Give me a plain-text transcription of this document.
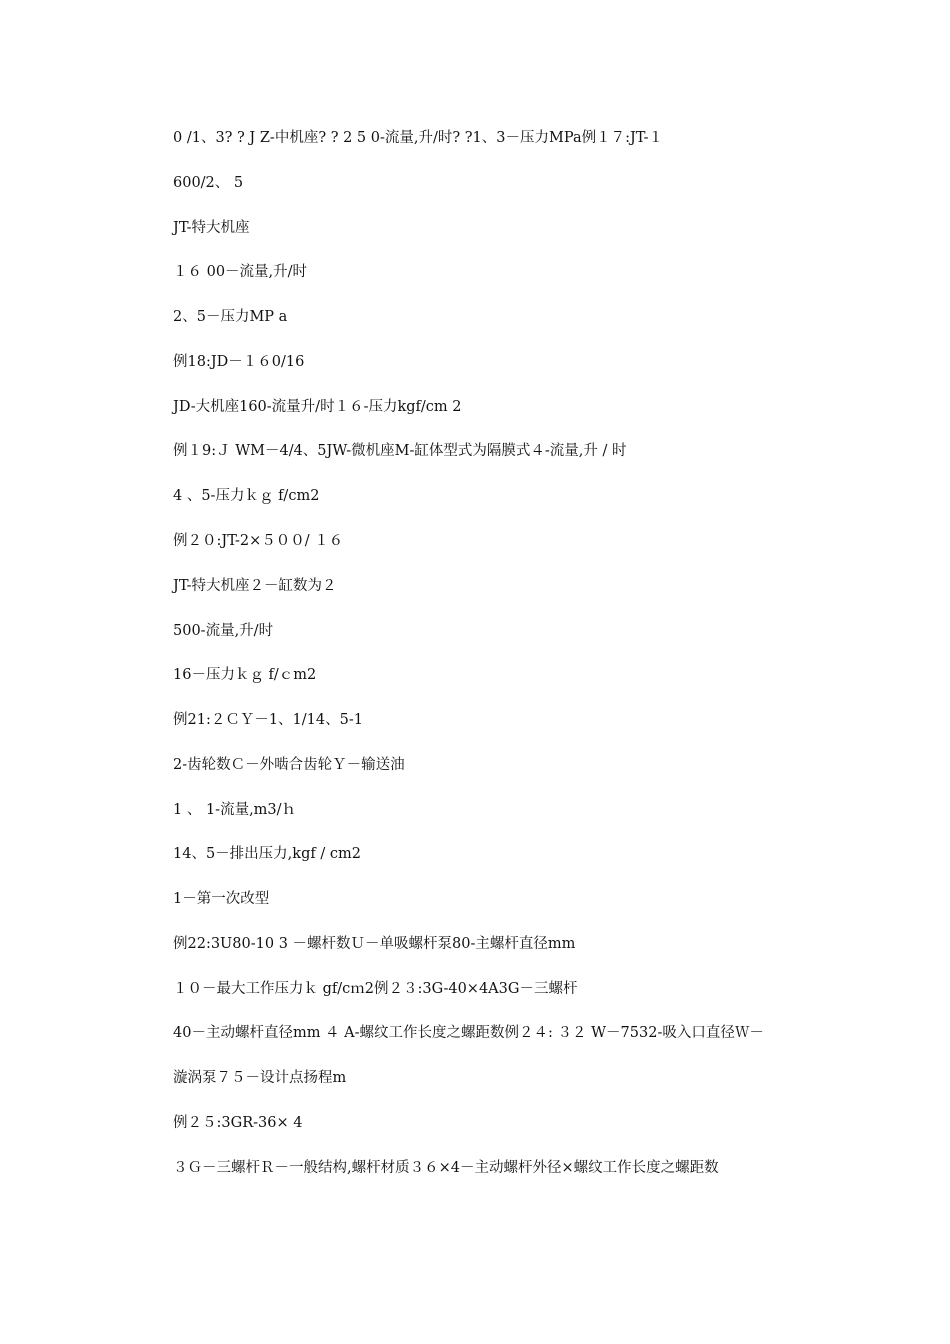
0 /1、3? ? J Z-中机座? ? 2 5 0-流量,升/时? ?1、3－压力MPa例１７:JT-１
600/2、 5
JT-特大机座
１６ 00－流量,升/时
2、5－压力MP a
例18:JD－１６0/16
JD-大机座160-流量升/时１６-压力kgf/cm 2
例１9:Ｊ WM－4/4、5JW-微机座M-缸体型式为隔膜式４-流量,升 / 时
4 、5-压力ｋｇ f/cm2
例２０:JT-2×５００/ １６
JT-特大机座２－缸数为２
500-流量,升/时
16－压力ｋｇ f/ｃm2
例21:２ＣＹ－1、1/14、5-1
2-齿轮数Ｃ－外啮合齿轮Ｙ－输送油
1 、 1-流量,m3/ｈ
14、5－排出压力,kgf / cm2
1－第一次改型
例22:3U80-10 3 －螺杆数Ｕ－单吸螺杆泵80-主螺杆直径mm
１０－最大工作压力ｋ gf/cｍ2例２３:3G-40×4A3G－三螺杆
40－主动螺杆直径mm ４ A-螺纹工作长度之螺距数例２４: ３２ W－7532-吸入口直径Ｗ－
漩涡泵７５－设计点扬程m
例２５:3GR-36× 4
３Ｇ－三螺杆Ｒ－一般结构,螺杆材质３６×4－主动螺杆外径×螺纹工作长度之螺距数
